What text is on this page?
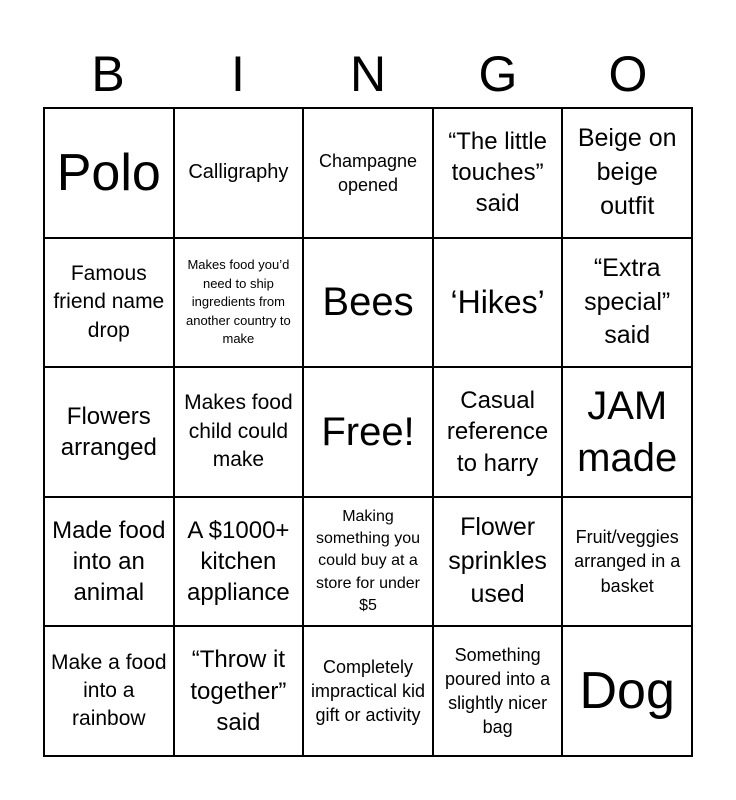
B	I	N	G	O
Polo Calligraphy
Champagne opened
“The little touches” said
Beige on beige outfit
Famous friend name drop
Makes food you’d need to ship ingredients from another country to make
Bees ‘Hikes’
“Extra special” said
Flowers arranged
Makes food child could make
Free!
Casual reference to harry
JAM made
Made food into an animal
A $1000+ kitchen appliance
Making something you could buy at a store for under $5
Flower sprinkles used
Fruit/veggies arranged in a basket
Make a food into a rainbow
“Throw it together” said
Completely impractical kid gift or activity
Something poured into a slightly nicer bag
Dog
